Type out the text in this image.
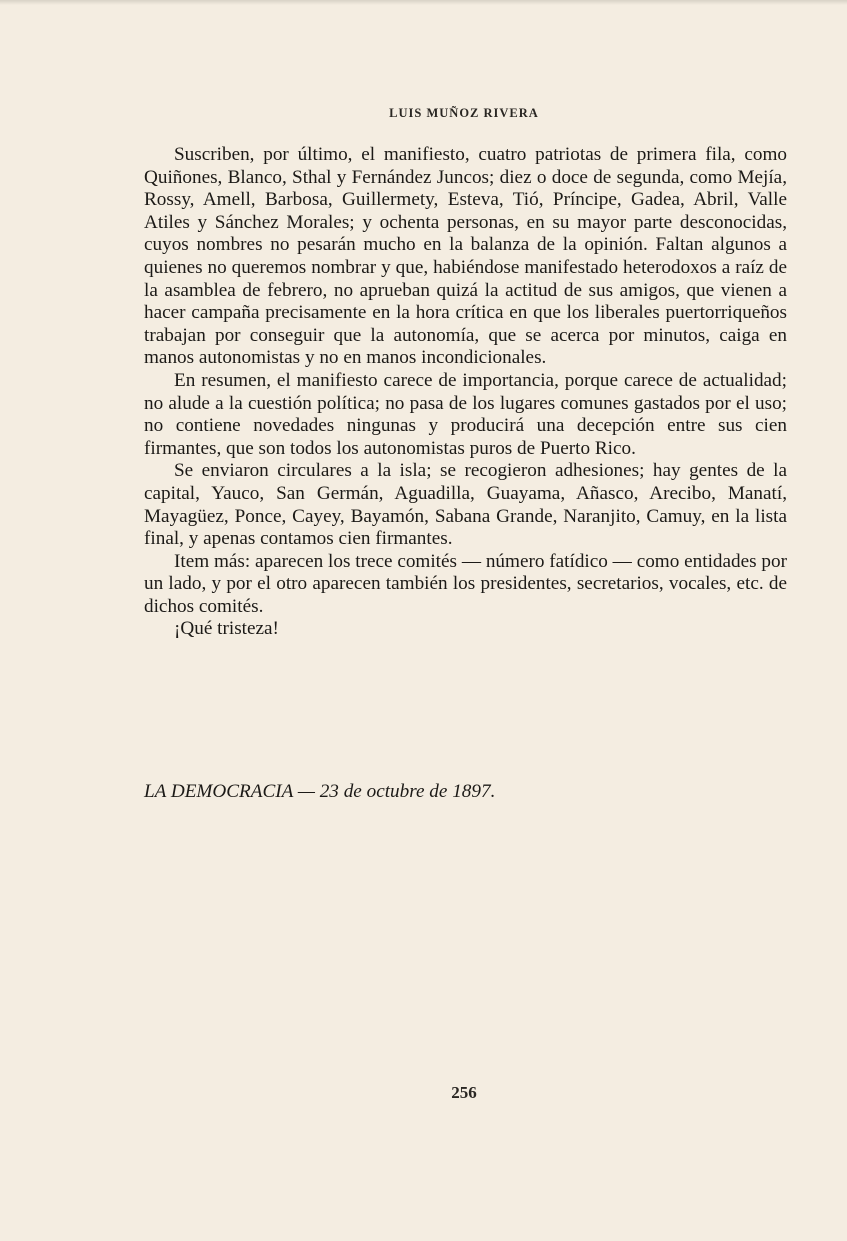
LUIS MUÑOZ RIVERA

Suscriben, por último, el manifiesto, cuatro patriotas de primera fila, como Quiñones, Blanco, Sthal y Fernández Juncos; diez o doce de segunda, como Mejía, Rossy, Amell, Barbosa, Guillermety, Esteva, Tió, Príncipe, Gadea, Abril, Valle Atiles y Sánchez Morales; y ochenta personas, en su mayor parte desconocidas, cuyos nombres no pesarán mucho en la balanza de la opinión. Faltan algunos a quienes no queremos nombrar y que, habiéndose manifestado heterodoxos a raíz de la asamblea de febrero, no aprueban quizá la actitud de sus amigos, que vienen a hacer campaña precisamente en la hora crítica en que los liberales puertorriqueños trabajan por conseguir que la autonomía, que se acerca por minutos, caiga en manos autonomistas y no en manos incondicionales.

En resumen, el manifiesto carece de importancia, porque carece de actualidad; no alude a la cuestión política; no pasa de los lugares comunes gastados por el uso; no contiene novedades ningunas y producirá una decepción entre sus cien firmantes, que son todos los autonomistas puros de Puerto Rico.

Se enviaron circulares a la isla; se recogieron adhesiones; hay gentes de la capital, Yauco, San Germán, Aguadilla, Guayama, Añasco, Arecibo, Manatí, Mayagüez, Ponce, Cayey, Bayamón, Sabana Grande, Naranjito, Camuy, en la lista final, y apenas contamos cien firmantes.

Item más: aparecen los trece comités — número fatídico — como entidades por un lado, y por el otro aparecen también los presidentes, secretarios, vocales, etc. de dichos comités.

¡Qué tristeza!

LA DEMOCRACIA — 23 de octubre de 1897.
256
